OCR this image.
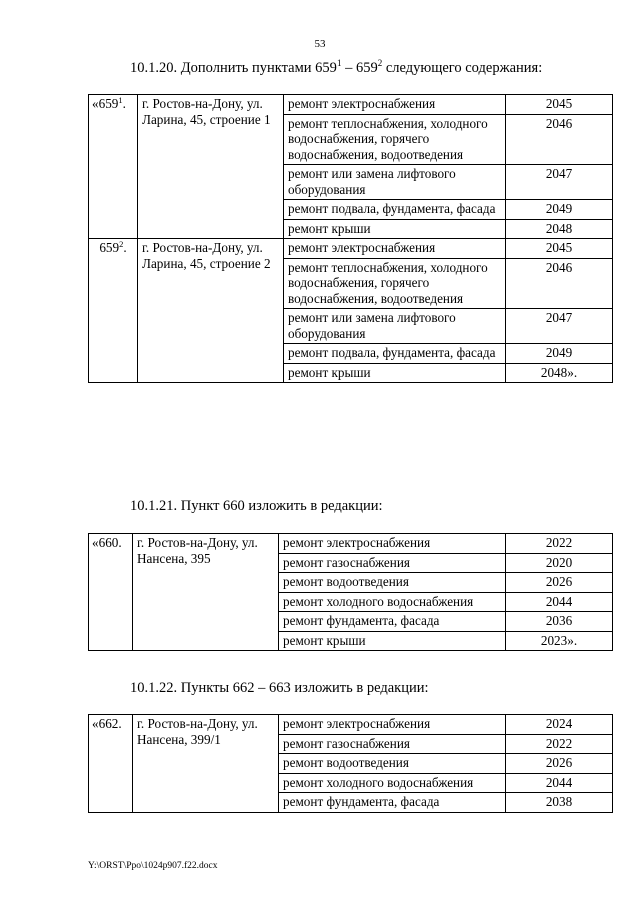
53
10.1.20. Дополнить пунктами $659^1 - 659^2$ следующего содержания:
«$659^1$.	г. Ростов-на-Дону, ул. Ларина, 45, строение 1	ремонт электроснабжения	2045
		ремонт теплоснабжения, холодного водоснабжения, горячего водоснабжения, водоотведения	2046
		ремонт или замена лифтового оборудования	2047
		ремонт подвала, фундамента, фасада	2049
		ремонт крыши	2048
$659^2$.	г. Ростов-на-Дону, ул. Ларина, 45, строение 2	ремонт электроснабжения	2045
		ремонт теплоснабжения, холодного водоснабжения, горячего водоснабжения, водоотведения	2046
		ремонт или замена лифтового оборудования	2047
		ремонт подвала, фундамента, фасада	2049
		ремонт крыши	2048».
10.1.21. Пункт 660 изложить в редакции:
«660.	г. Ростов-на-Дону, ул. Нансена, 395	ремонт электроснабжения	2022
		ремонт газоснабжения	2020
		ремонт водоотведения	2026
		ремонт холодного водоснабжения	2044
		ремонт фундамента, фасада	2036
		ремонт крыши	2023».
10.1.22. Пункты 662 – 663 изложить в редакции:
«662.	г. Ростов-на-Дону, ул. Нансена, 399/1	ремонт электроснабжения	2024
		ремонт газоснабжения	2022
		ремонт водоотведения	2026
		ремонт холодного водоснабжения	2044
		ремонт фундамента, фасада	2038
Y:\ORST\Ppo\1024p907.f22.docx
